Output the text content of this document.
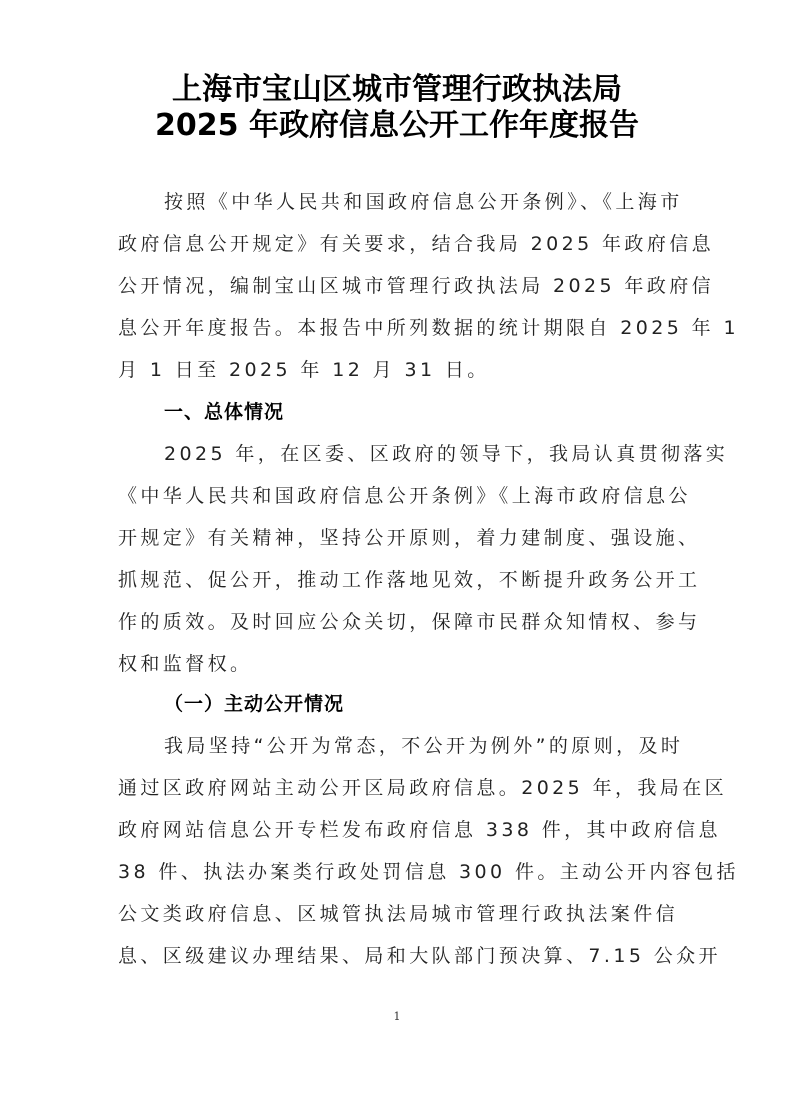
上海市宝山区城市管理行政执法局
2025 年政府信息公开工作年度报告
按照《中华人民共和国政府信息公开条例》、《上海市
政府信息公开规定》有关要求，结合我局 2025 年政府信息
公开情况，编制宝山区城市管理行政执法局 2025 年政府信
息公开年度报告。本报告中所列数据的统计期限自 2025 年 1
月 1 日至 2025 年 12 月 31 日。
一、总体情况
2025 年，在区委、区政府的领导下，我局认真贯彻落实
《中华人民共和国政府信息公开条例》《上海市政府信息公
开规定》有关精神，坚持公开原则，着力建制度、强设施、
抓规范、促公开，推动工作落地见效，不断提升政务公开工
作的质效。及时回应公众关切，保障市民群众知情权、参与
权和监督权。
（一）主动公开情况
我局坚持“公开为常态，不公开为例外”的原则，及时
通过区政府网站主动公开区局政府信息。2025 年，我局在区
政府网站信息公开专栏发布政府信息 338 件，其中政府信息
38 件、执法办案类行政处罚信息 300 件。主动公开内容包括
公文类政府信息、区城管执法局城市管理行政执法案件信
息、区级建议办理结果、局和大队部门预决算、7.15 公众开
1
